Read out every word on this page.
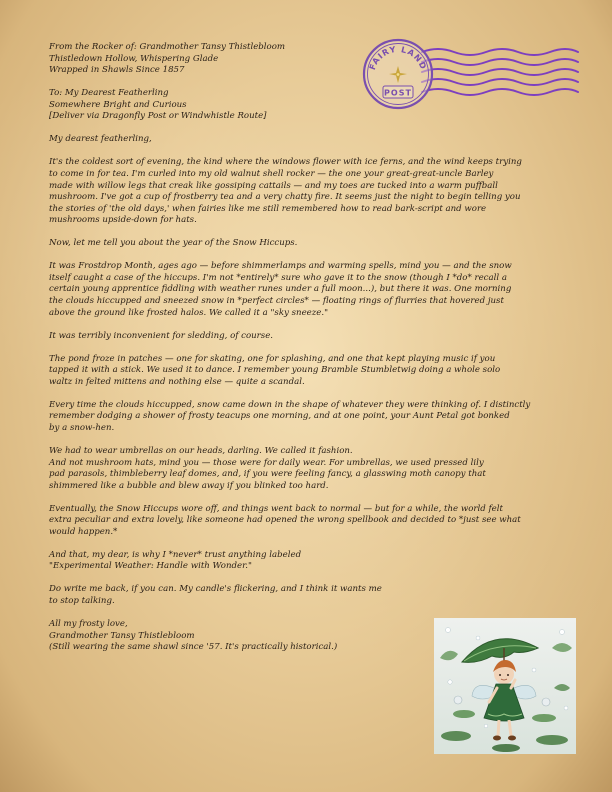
From the Rocker of: Grandmother Tansy Thistlebloom
Thistledown Hollow, Whispering Glade
Wrapped in Shawls Since 1857
To: My Dearest Featherling
Somewhere Bright and Curious
[Deliver via Dragonfly Post or Windwhistle Route]

My dearest featherling,

It's the coldest sort of evening, the kind where the windows flower with ice ferns, and the wind keeps trying
to come in for tea. I'm curled into my old walnut shell rocker — the one your great-great-uncle Barley
made with willow legs that creak like gossiping cattails — and my toes are tucked into a warm puffball
mushroom. I've got a cup of frostberry tea and a very chatty fire. It seems just the night to begin telling you
the stories of 'the old days,' when fairies like me still remembered how to read bark-script and wore
mushrooms upside-down for hats.

Now, let me tell you about the year of the Snow Hiccups.

It was Frostdrop Month, ages ago — before shimmerlamps and warming spells, mind you — and the snow
itself caught a case of the hiccups. I'm not *entirely* sure who gave it to the snow (though I *do* recall a
certain young apprentice fiddling with weather runes under a full moon...), but there it was. One morning
the clouds hiccupped and sneezed snow in *perfect circles* — floating rings of flurries that hovered just
above the ground like frosted halos. We called it a "sky sneeze."

It was terribly inconvenient for sledding, of course.

The pond froze in patches — one for skating, one for splashing, and one that kept playing music if you
tapped it with a stick. We used it to dance. I remember young Bramble Stumbletwig doing a whole solo
waltz in felted mittens and nothing else — quite a scandal.

Every time the clouds hiccupped, snow came down in the shape of whatever they were thinking of. I distinctly
remember dodging a shower of frosty teacups one morning, and at one point, your Aunt Petal got bonked
by a snow-hen.

We had to wear umbrellas on our heads, darling. We called it fashion.
And not mushroom hats, mind you — those were for daily wear. For umbrellas, we used pressed lily
pad parasols, thimbleberry leaf domes, and, if you were feeling fancy, a glasswing moth canopy that
shimmered like a bubble and blew away if you blinked too hard.

Eventually, the Snow Hiccups wore off, and things went back to normal — but for a while, the world felt
extra peculiar and extra lovely, like someone had opened the wrong spellbook and decided to *just see what
would happen.*

And that, my dear, is why I *never* trust anything labeled
"Experimental Weather: Handle with Wonder."

Do write me back, if you can. My candle's flickering, and I think it wants me
to stop talking.

All my frosty love,
Grandmother Tansy Thistlebloom
(Still wearing the same shawl since '57. It's practically historical.)
FAIRY LAND
POST
